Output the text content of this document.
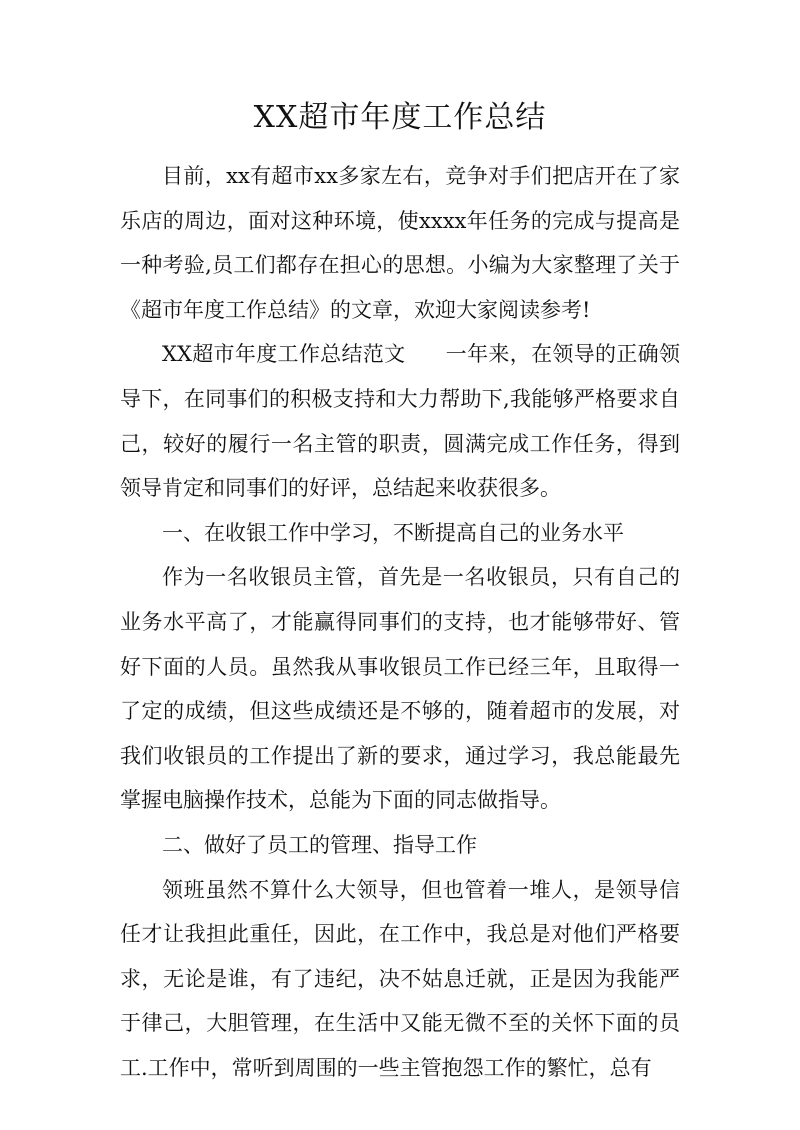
XX超市年度工作总结

目前，xx有超市xx多家左右，竞争对手们把店开在了家乐店的周边，面对这种环境，使xxxx年任务的完成与提高是一种考验,员工们都存在担心的思想。小编为大家整理了关于《超市年度工作总结》的文章，欢迎大家阅读参考!

XX超市年度工作总结范文 一年来，在领导的正确领导下，在同事们的积极支持和大力帮助下,我能够严格要求自己，较好的履行一名主管的职责，圆满完成工作任务，得到领导肯定和同事们的好评，总结起来收获很多。

一、在收银工作中学习，不断提高自己的业务水平

作为一名收银员主管，首先是一名收银员，只有自己的业务水平高了，才能赢得同事们的支持，也才能够带好、管好下面的人员。虽然我从事收银员工作已经三年，且取得一了定的成绩，但这些成绩还是不够的，随着超市的发展，对我们收银员的工作提出了新的要求，通过学习，我总能最先掌握电脑操作技术，总能为下面的同志做指导。

二、做好了员工的管理、指导工作

领班虽然不算什么大领导，但也管着一堆人，是领导信任才让我担此重任，因此，在工作中，我总是对他们严格要求，无论是谁，有了违纪，决不姑息迁就，正是因为我能严于律己，大胆管理，在生活中又能无微不至的关怀下面的员工.工作中，常听到周围的一些主管抱怨工作的繁忙，总有
